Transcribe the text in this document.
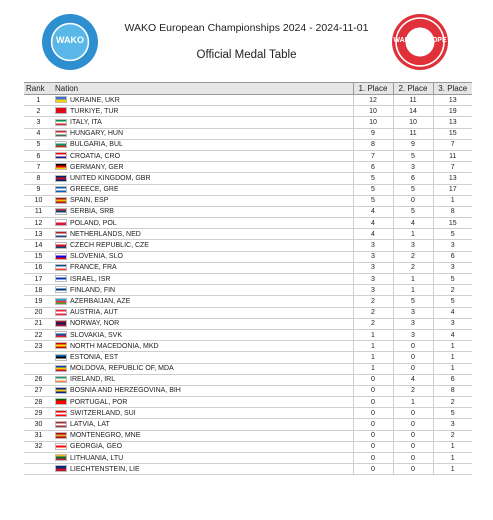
WAKO
WAKO European Championships 2024 - 2024-11-01
WAKO EUROPE
Official Medal Table
Rank	Nation	1. Place	2. Place	3. Place
1	UKRAINE, UKR	12	11	13
2	TURKIYE, TUR	10	14	19
3	ITALY, ITA	10	10	13
4	HUNGARY, HUN	9	11	15
5	BULGARIA, BUL	8	9	7
6	CROATIA, CRO	7	5	11
7	GERMANY, GER	6	3	7
8	UNITED KINGDOM, GBR	5	6	13
9	GREECE, GRE	5	5	17
10	SPAIN, ESP	5	0	1
11	SERBIA, SRB	4	5	8
12	POLAND, POL	4	4	15
13	NETHERLANDS, NED	4	1	5
14	CZECH REPUBLIC, CZE	3	3	3
15	SLOVENIA, SLO	3	2	6
16	FRANCE, FRA	3	2	3
17	ISRAEL, ISR	3	1	5
18	FINLAND, FIN	3	1	2
19	AZERBAIJAN, AZE	2	5	5
20	AUSTRIA, AUT	2	3	4
21	NORWAY, NOR	2	3	3
22	SLOVAKIA, SVK	1	3	4
23	NORTH MACEDONIA, MKD	1	0	1
	ESTONIA, EST	1	0	1
	MOLDOVA, REPUBLIC OF, MDA	1	0	1
26	IRELAND, IRL	0	4	6
27	BOSNIA AND HERZEGOVINA, BIH	0	2	8
28	PORTUGAL, POR	0	1	2
29	SWITZERLAND, SUI	0	0	5
30	LATVIA, LAT	0	0	3
31	MONTENEGRO, MNE	0	0	2
32	GEORGIA, GEO	0	0	1
	LITHUANIA, LTU	0	0	1
	LIECHTENSTEIN, LIE	0	0	1
